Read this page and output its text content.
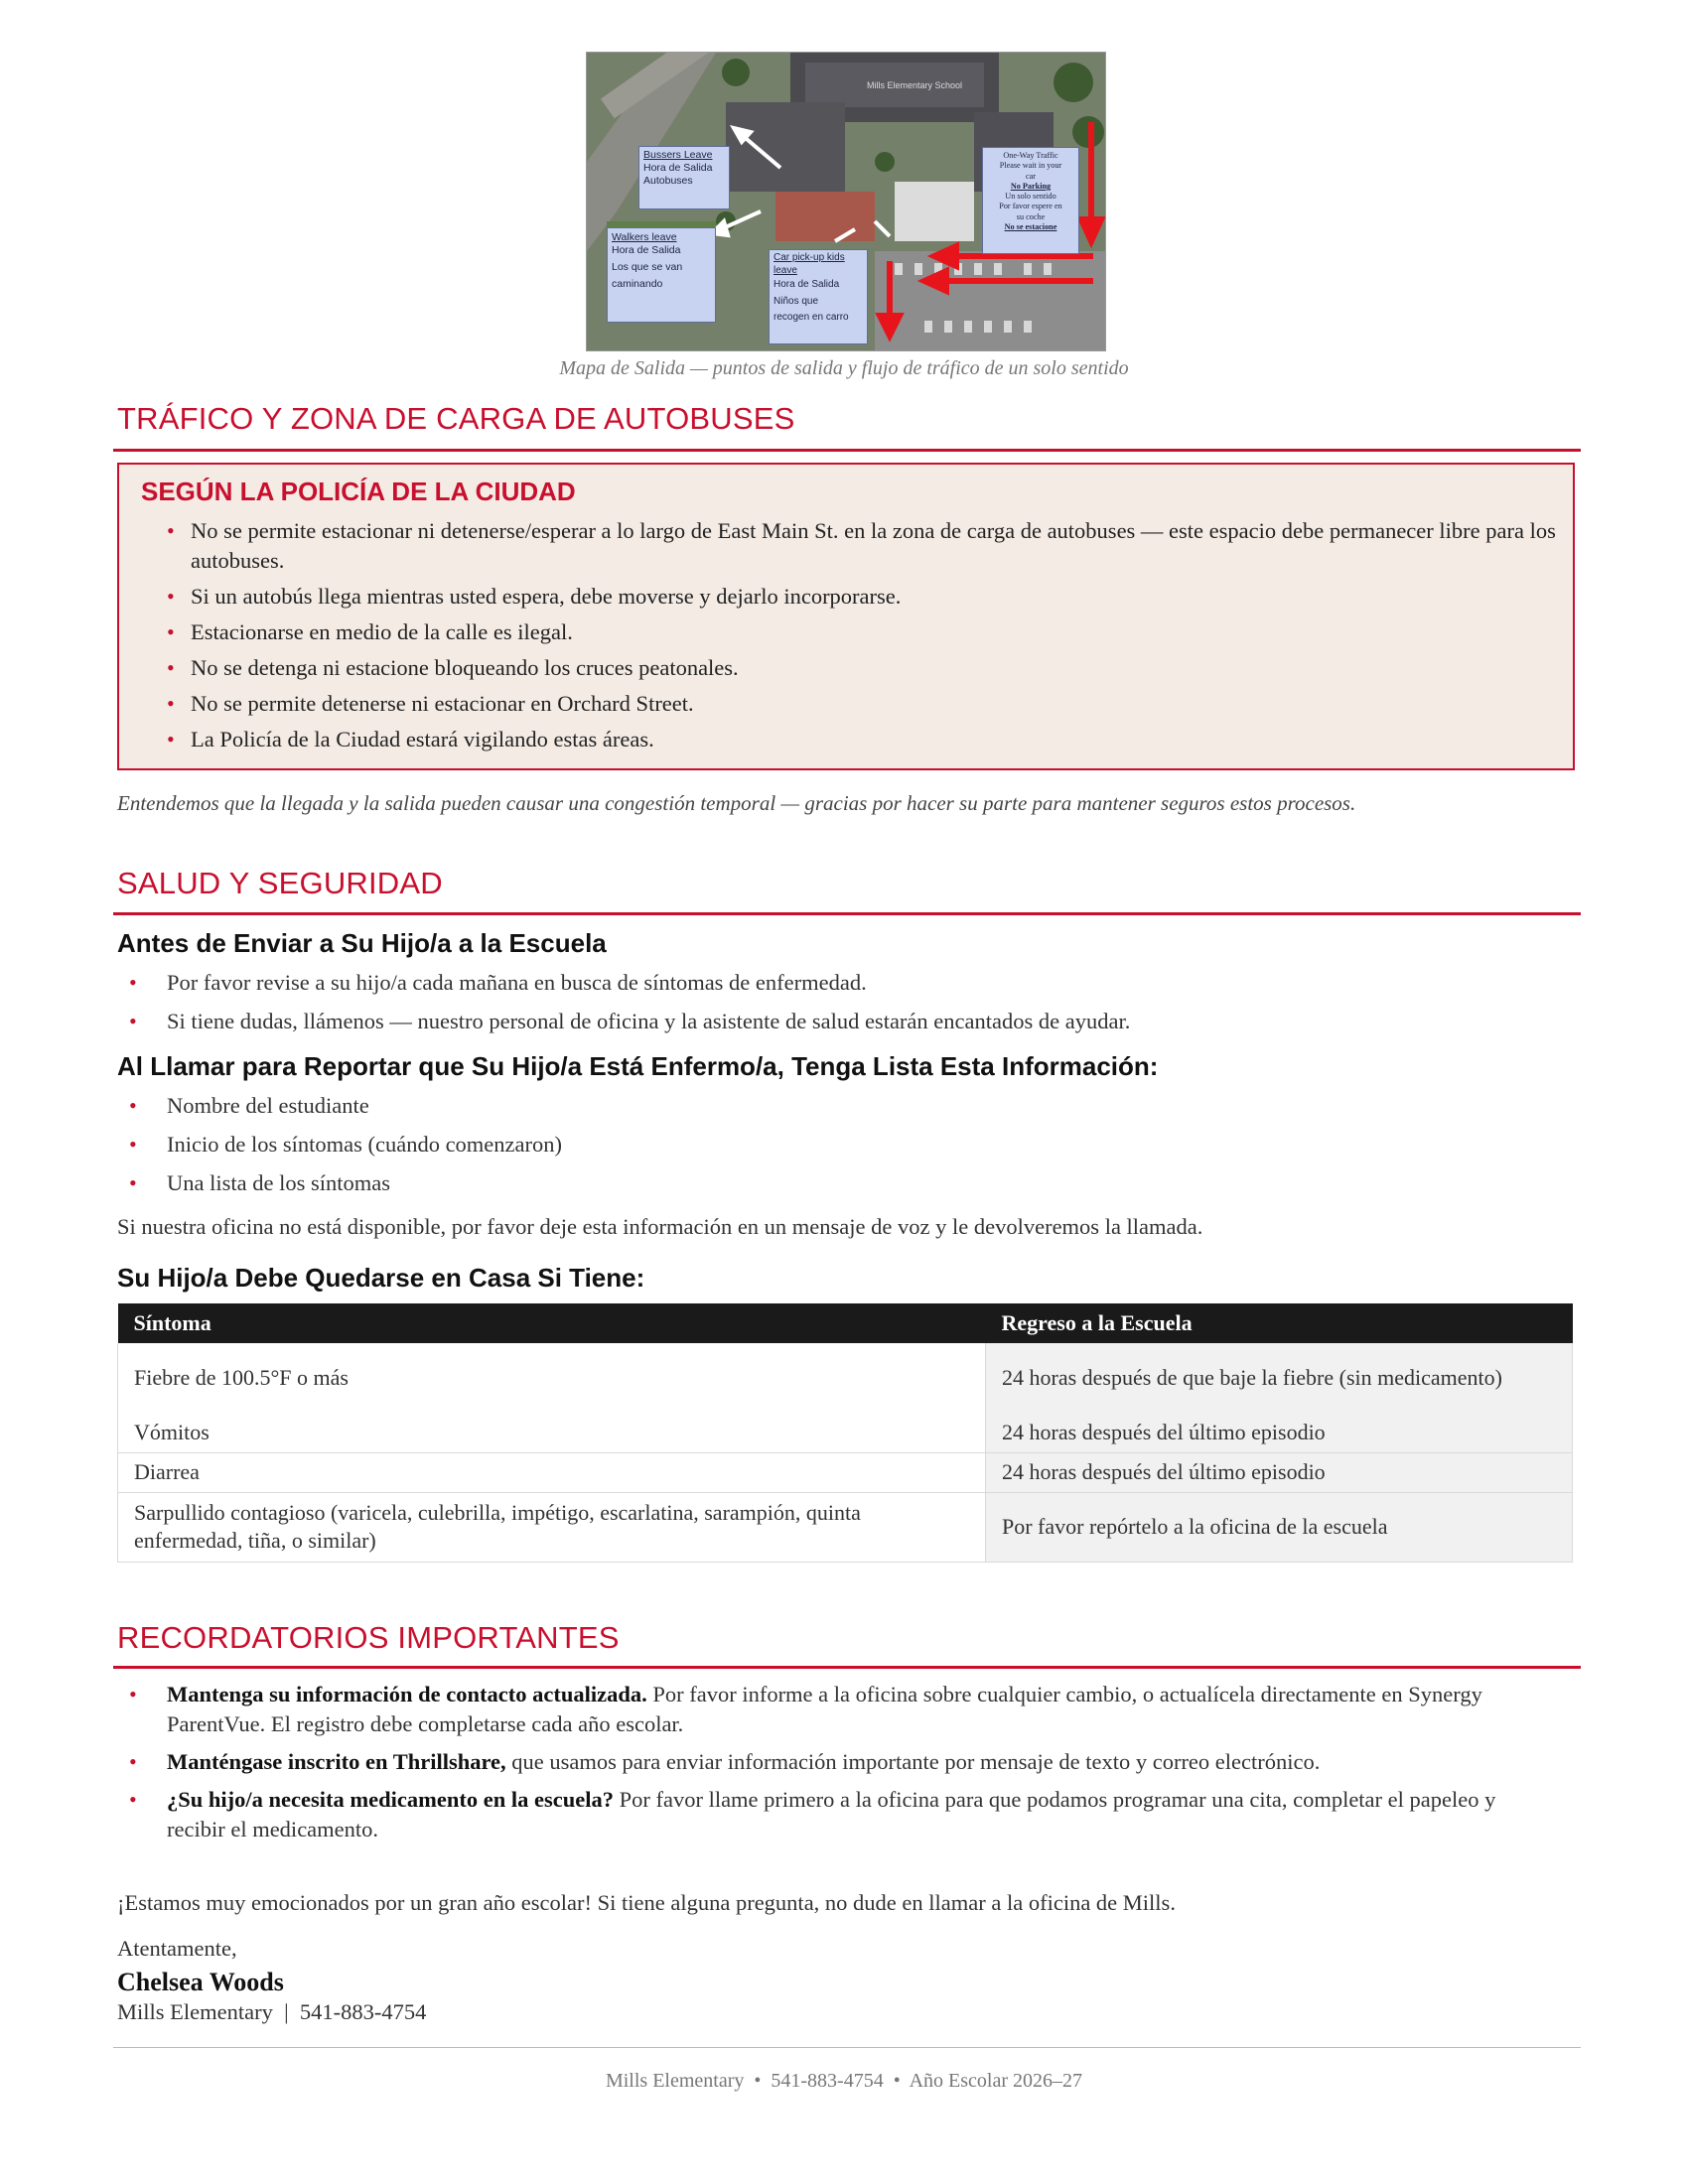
Mills Elementary School
Bussers Leave
Hora de Salida
Autobuses
Walkers leave
Hora de Salida
Los que se van
caminando
Car pick-up kids
leave
Hora de Salida
Niños que
recogen en carro
One-Way Traffic
Please wait in your
car
No Parking
Un solo sentido
Por favor espere en
su coche
No se estacione
Mapa de Salida — puntos de salida y flujo de tráfico de un solo sentido
TRÁFICO Y ZONA DE CARGA DE AUTOBUSES
SEGÚN LA POLICÍA DE LA CIUDAD
• No se permite estacionar ni detenerse/esperar a lo largo de East Main St. en la zona de carga de autobuses — este espacio debe permanecer libre para los autobuses.
• Si un autobús llega mientras usted espera, debe moverse y dejarlo incorporarse.
• Estacionarse en medio de la calle es ilegal.
• No se detenga ni estacione bloqueando los cruces peatonales.
• No se permite detenerse ni estacionar en Orchard Street.
• La Policía de la Ciudad estará vigilando estas áreas.
Entendemos que la llegada y la salida pueden causar una congestión temporal — gracias por hacer su parte para mantener seguros estos procesos.
SALUD Y SEGURIDAD
Antes de Enviar a Su Hijo/a a la Escuela
• Por favor revise a su hijo/a cada mañana en busca de síntomas de enfermedad.
• Si tiene dudas, llámenos — nuestro personal de oficina y la asistente de salud estarán encantados de ayudar.
Al Llamar para Reportar que Su Hijo/a Está Enfermo/a, Tenga Lista Esta Información:
• Nombre del estudiante
• Inicio de los síntomas (cuándo comenzaron)
• Una lista de los síntomas
Si nuestra oficina no está disponible, por favor deje esta información en un mensaje de voz y le devolveremos la llamada.
Su Hijo/a Debe Quedarse en Casa Si Tiene:
Síntoma	Regreso a la Escuela
Fiebre de 100.5°F o más	24 horas después de que baje la fiebre (sin medicamento)
Vómitos	24 horas después del último episodio
Diarrea	24 horas después del último episodio
Sarpullido contagioso (varicela, culebrilla, impétigo, escarlatina, sarampión, quinta enfermedad, tiña, o similar)	Por favor repórtelo a la oficina de la escuela
RECORDATORIOS IMPORTANTES
• Mantenga su información de contacto actualizada. Por favor informe a la oficina sobre cualquier cambio, o actualícela directamente en Synergy ParentVue. El registro debe completarse cada año escolar.
• Manténgase inscrito en Thrillshare, que usamos para enviar información importante por mensaje de texto y correo electrónico.
• ¿Su hijo/a necesita medicamento en la escuela? Por favor llame primero a la oficina para que podamos programar una cita, completar el papeleo y recibir el medicamento.
¡Estamos muy emocionados por un gran año escolar! Si tiene alguna pregunta, no dude en llamar a la oficina de Mills.
Atentamente,
Chelsea Woods
Mills Elementary  |  541-883-4754
Mills Elementary  •  541-883-4754  •  Año Escolar 2026–27
